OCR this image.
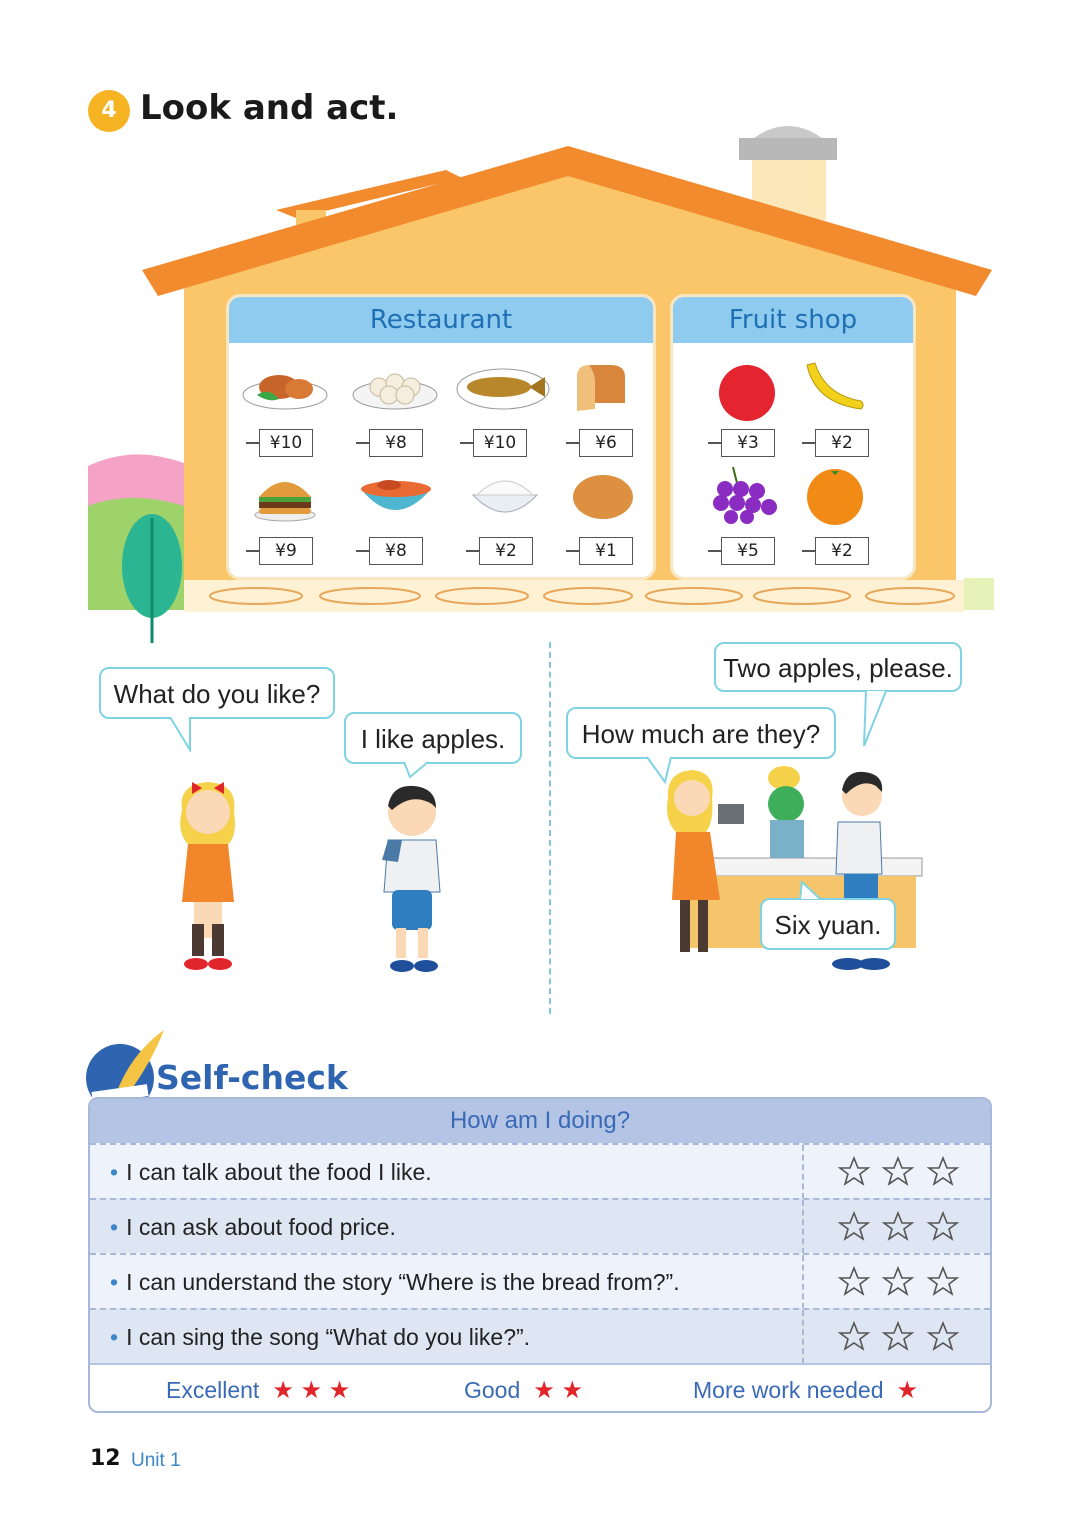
4 Look and act.
Restaurant
¥10	¥8	¥10	¥6
¥9	¥8	¥2	¥1
Fruit shop
¥3	¥2
¥5	¥2
What do you like?
I like apples.
Two apples, please.
How much are they?
Six yuan.
Self-check
How am I doing?
• I can talk about the food I like.
• I can ask about food price.
• I can understand the story “Where is the bread from?”.
• I can sing the song “What do you like?”.
Excellent  ★ ★ ★	Good  ★ ★	More work needed  ★
12 Unit 1
